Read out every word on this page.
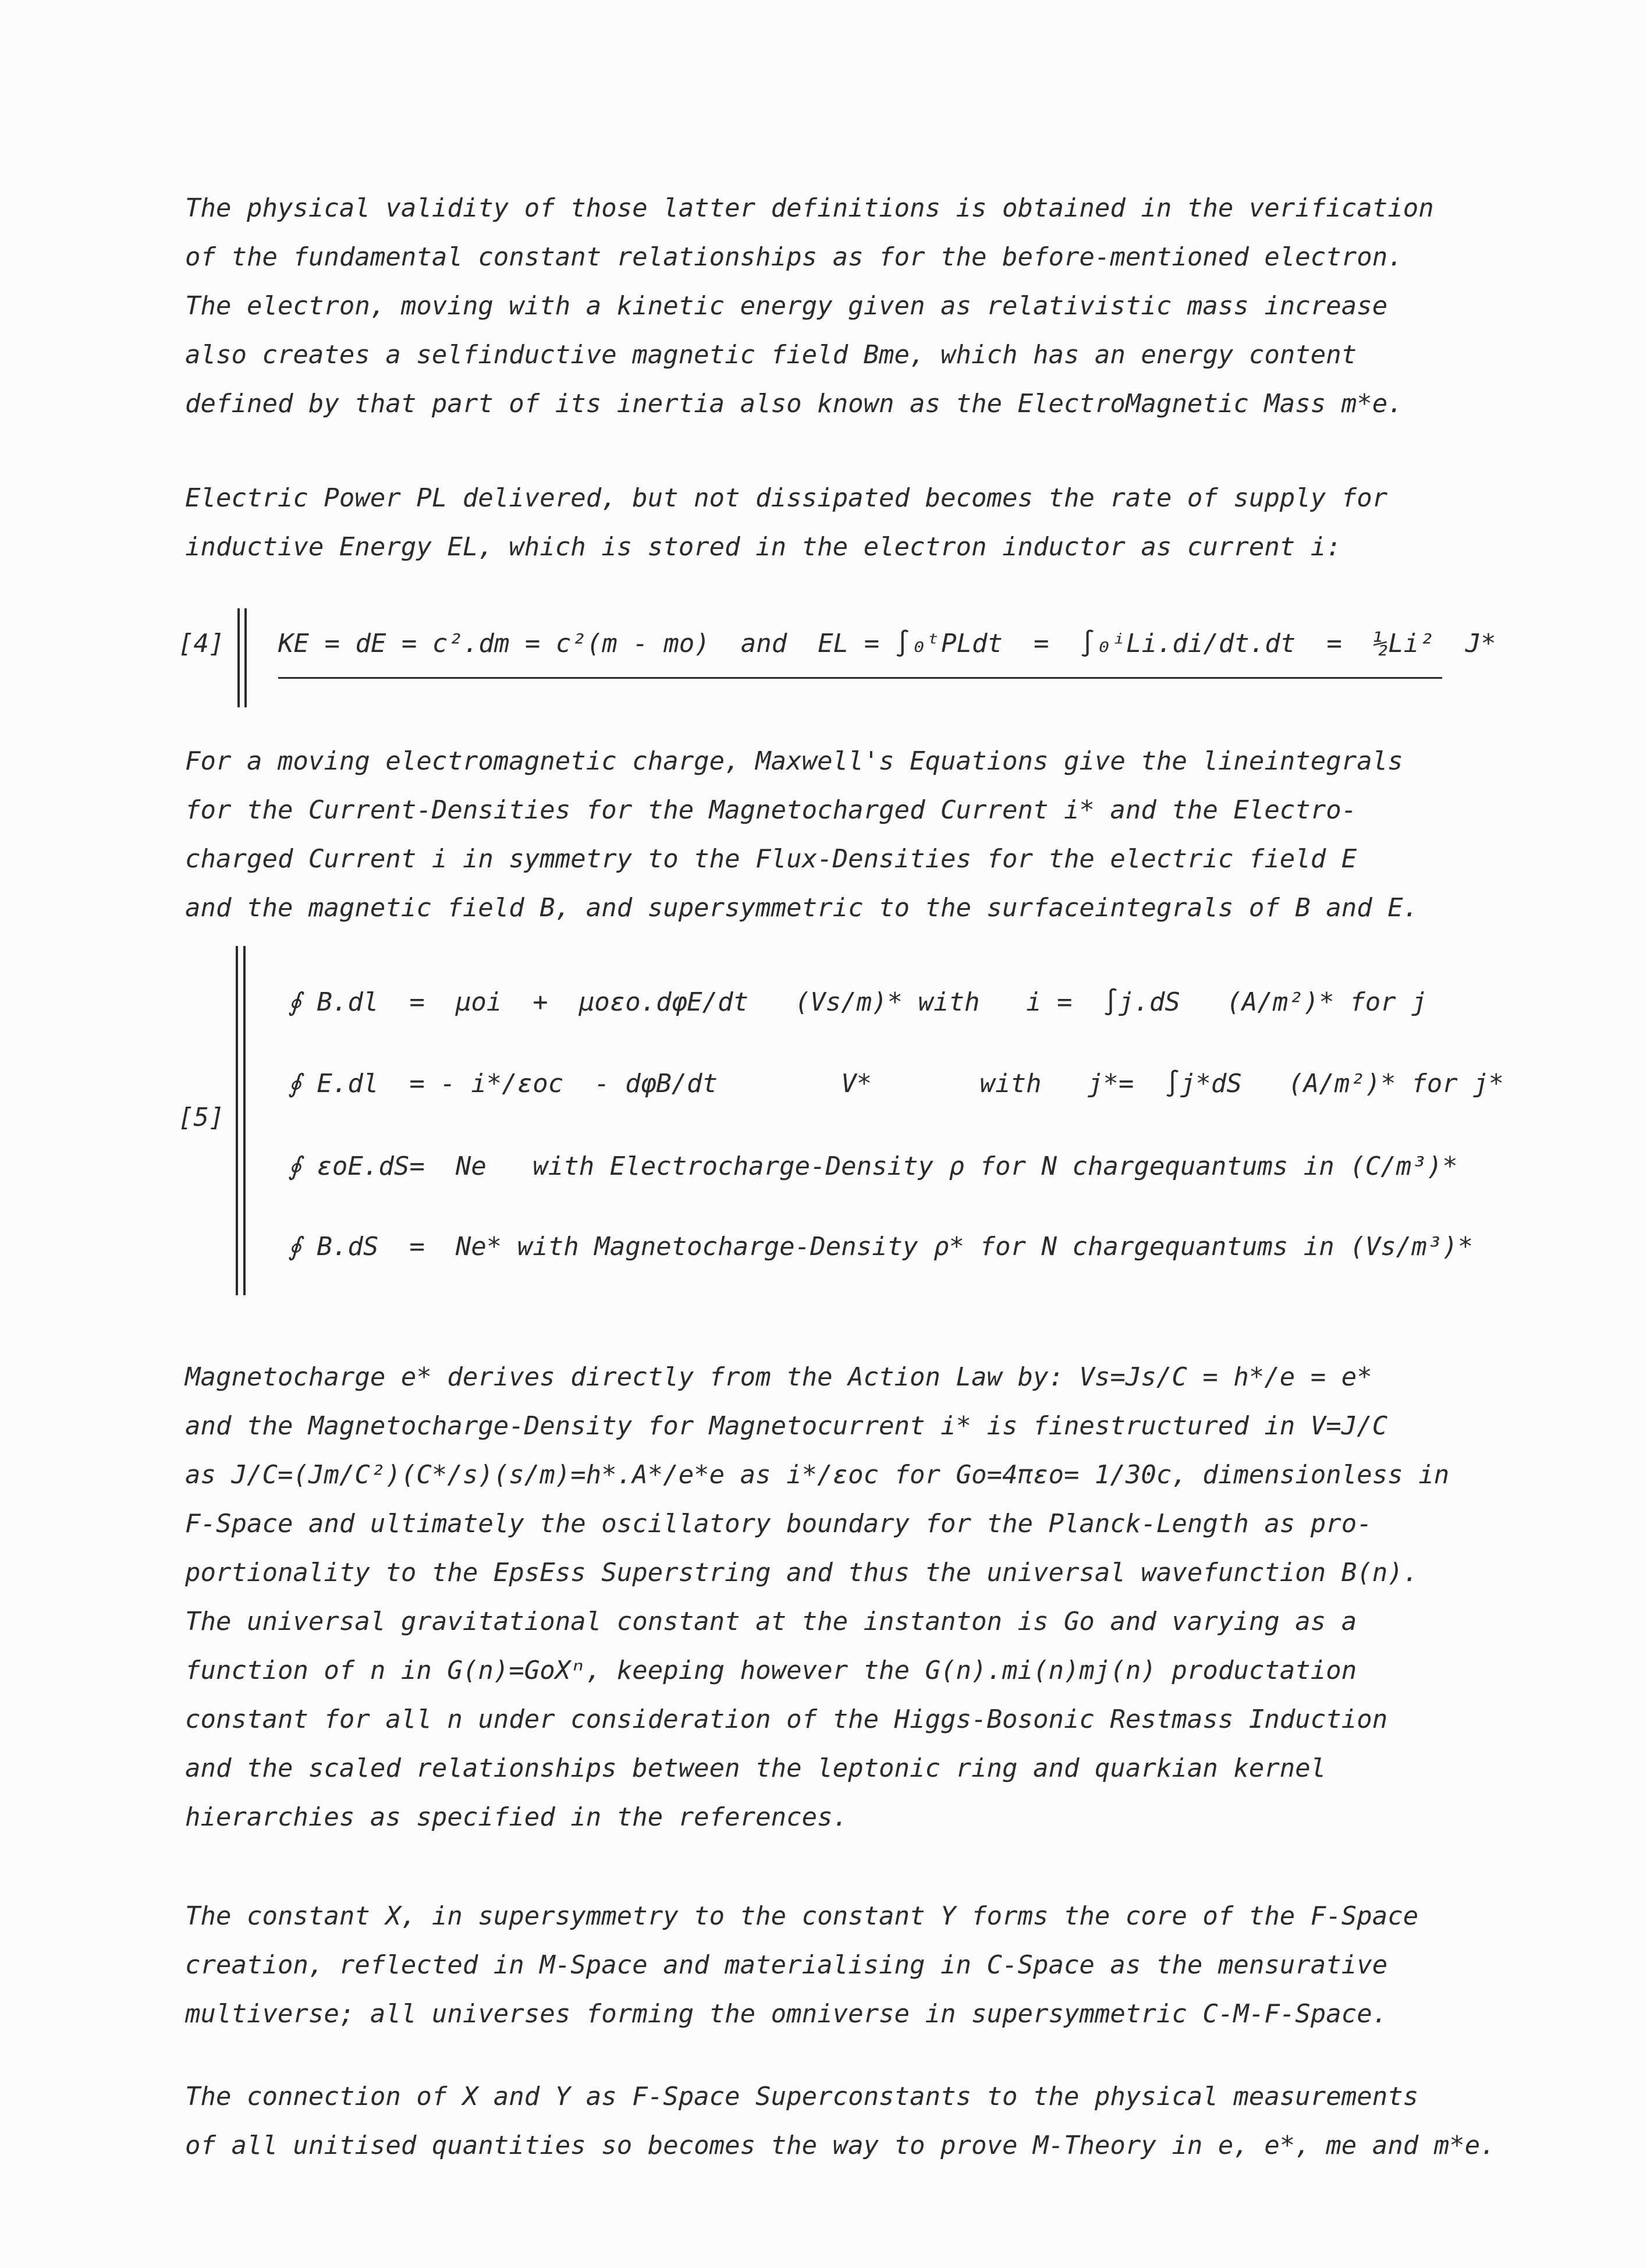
The physical validity of those latter definitions is obtained in the verification
of the fundamental constant relationships as for the before-mentioned electron.
The electron, moving with a kinetic energy given as relativistic mass increase
also creates a selfinductive magnetic field Bme, which has an energy content
defined by that part of its inertia also known as the ElectroMagnetic Mass m*e.
Electric Power PL delivered, but not dissipated becomes the rate of supply for
inductive Energy EL, which is stored in the electron inductor as current i:
[4] KE = dE = c².dm = c²(m - mo)  and  EL = ∫₀ᵗPLdt  =  ∫₀ⁱLi.di/dt.dt  =  ½Li²  J*
For a moving electromagnetic charge, Maxwell's Equations give the lineintegrals
for the Current-Densities for the Magnetocharged Current i* and the Electro-
charged Current i in symmetry to the Flux-Densities for the electric field E
and the magnetic field B, and supersymmetric to the surfaceintegrals of B and E.
[5]
∮ B.dl  =  μoi  +  μoεo.dφE/dt   (Vs/m)* with   i =  ∫j.dS   (A/m²)* for j
∮ E.dl  = - i*/εoc  - dφB/dt        V*       with   j*=  ∫j*dS   (A/m²)* for j*
∮ εoE.dS=  Ne   with Electrocharge-Density ρ for N chargequantums in (C/m³)*
∮ B.dS  =  Ne* with Magnetocharge-Density ρ* for N chargequantums in (Vs/m³)*
Magnetocharge e* derives directly from the Action Law by: Vs=Js/C = h*/e = e*
and the Magnetocharge-Density for Magnetocurrent i* is finestructured in V=J/C
as J/C=(Jm/C²)(C*/s)(s/m)=h*.A*/e*e as i*/εoc for Go=4πεo= 1/30c, dimensionless in
F-Space and ultimately the oscillatory boundary for the Planck-Length as pro-
portionality to the EpsEss Superstring and thus the universal wavefunction B(n).
The universal gravitational constant at the instanton is Go and varying as a
function of n in G(n)=GoXⁿ, keeping however the G(n).mi(n)mj(n) productation
constant for all n under consideration of the Higgs-Bosonic Restmass Induction
and the scaled relationships between the leptonic ring and quarkian kernel
hierarchies as specified in the references.
The constant X, in supersymmetry to the constant Y forms the core of the F-Space
creation, reflected in M-Space and materialising in C-Space as the mensurative
multiverse; all universes forming the omniverse in supersymmetric C-M-F-Space.
The connection of X and Y as F-Space Superconstants to the physical measurements
of all unitised quantities so becomes the way to prove M-Theory in e, e*, me and m*e.
